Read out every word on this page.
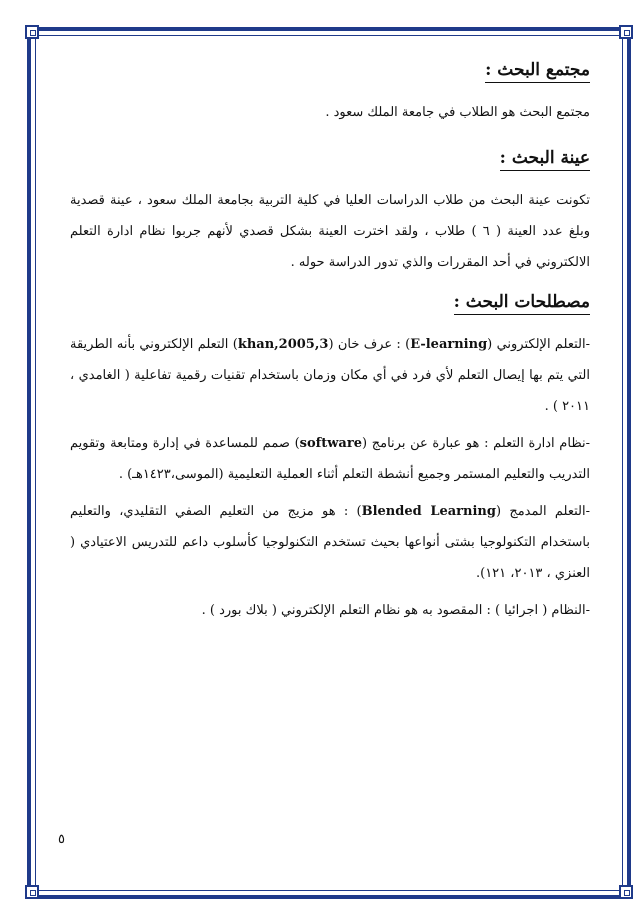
مجتمع البحث :
مجتمع البحث هو الطلاب في جامعة الملك سعود .
عينة البحث :
تكونت عينة البحث من طلاب الدراسات العليا في كلية التربية بجامعة الملك سعود ، عينة قصدية وبلغ عدد العينة ( ٦ ) طلاب ، ولقد اخترت العينة بشكل قصدي لأنهم جربوا نظام ادارة التعلم الالكتروني في أحد المقررات والذي تدور الدراسة حوله .
مصطلحات البحث :
-التعلم الإلكتروني (E-learning) : عرف خان (khan,2005,3) التعلم الإلكتروني بأنه الطريقة التي يتم بها إيصال التعلم لأي فرد في أي مكان وزمان باستخدام تقنيات رقمية تفاعلية ( الغامدي ، ٢٠١١ ) .
-نظام ادارة التعلم : هو عبارة عن برنامج (software) صمم للمساعدة في إدارة ومتابعة وتقويم التدريب والتعليم المستمر وجميع أنشطة التعلم أثناء العملية التعليمية (الموسى،١٤٢٣هـ) .
-التعلم المدمج (Blended Learning) : هو مزيج من التعليم الصفي التقليدي، والتعليم باستخدام التكنولوجيا بشتى أنواعها بحيث تستخدم التكنولوجيا كأسلوب داعم للتدريس الاعتيادي ( العنزي ، ٢٠١٣، ١٢١).
-النظام ( اجرائيا ) : المقصود به هو نظام التعلم الإلكتروني ( بلاك بورد ) .
٥
